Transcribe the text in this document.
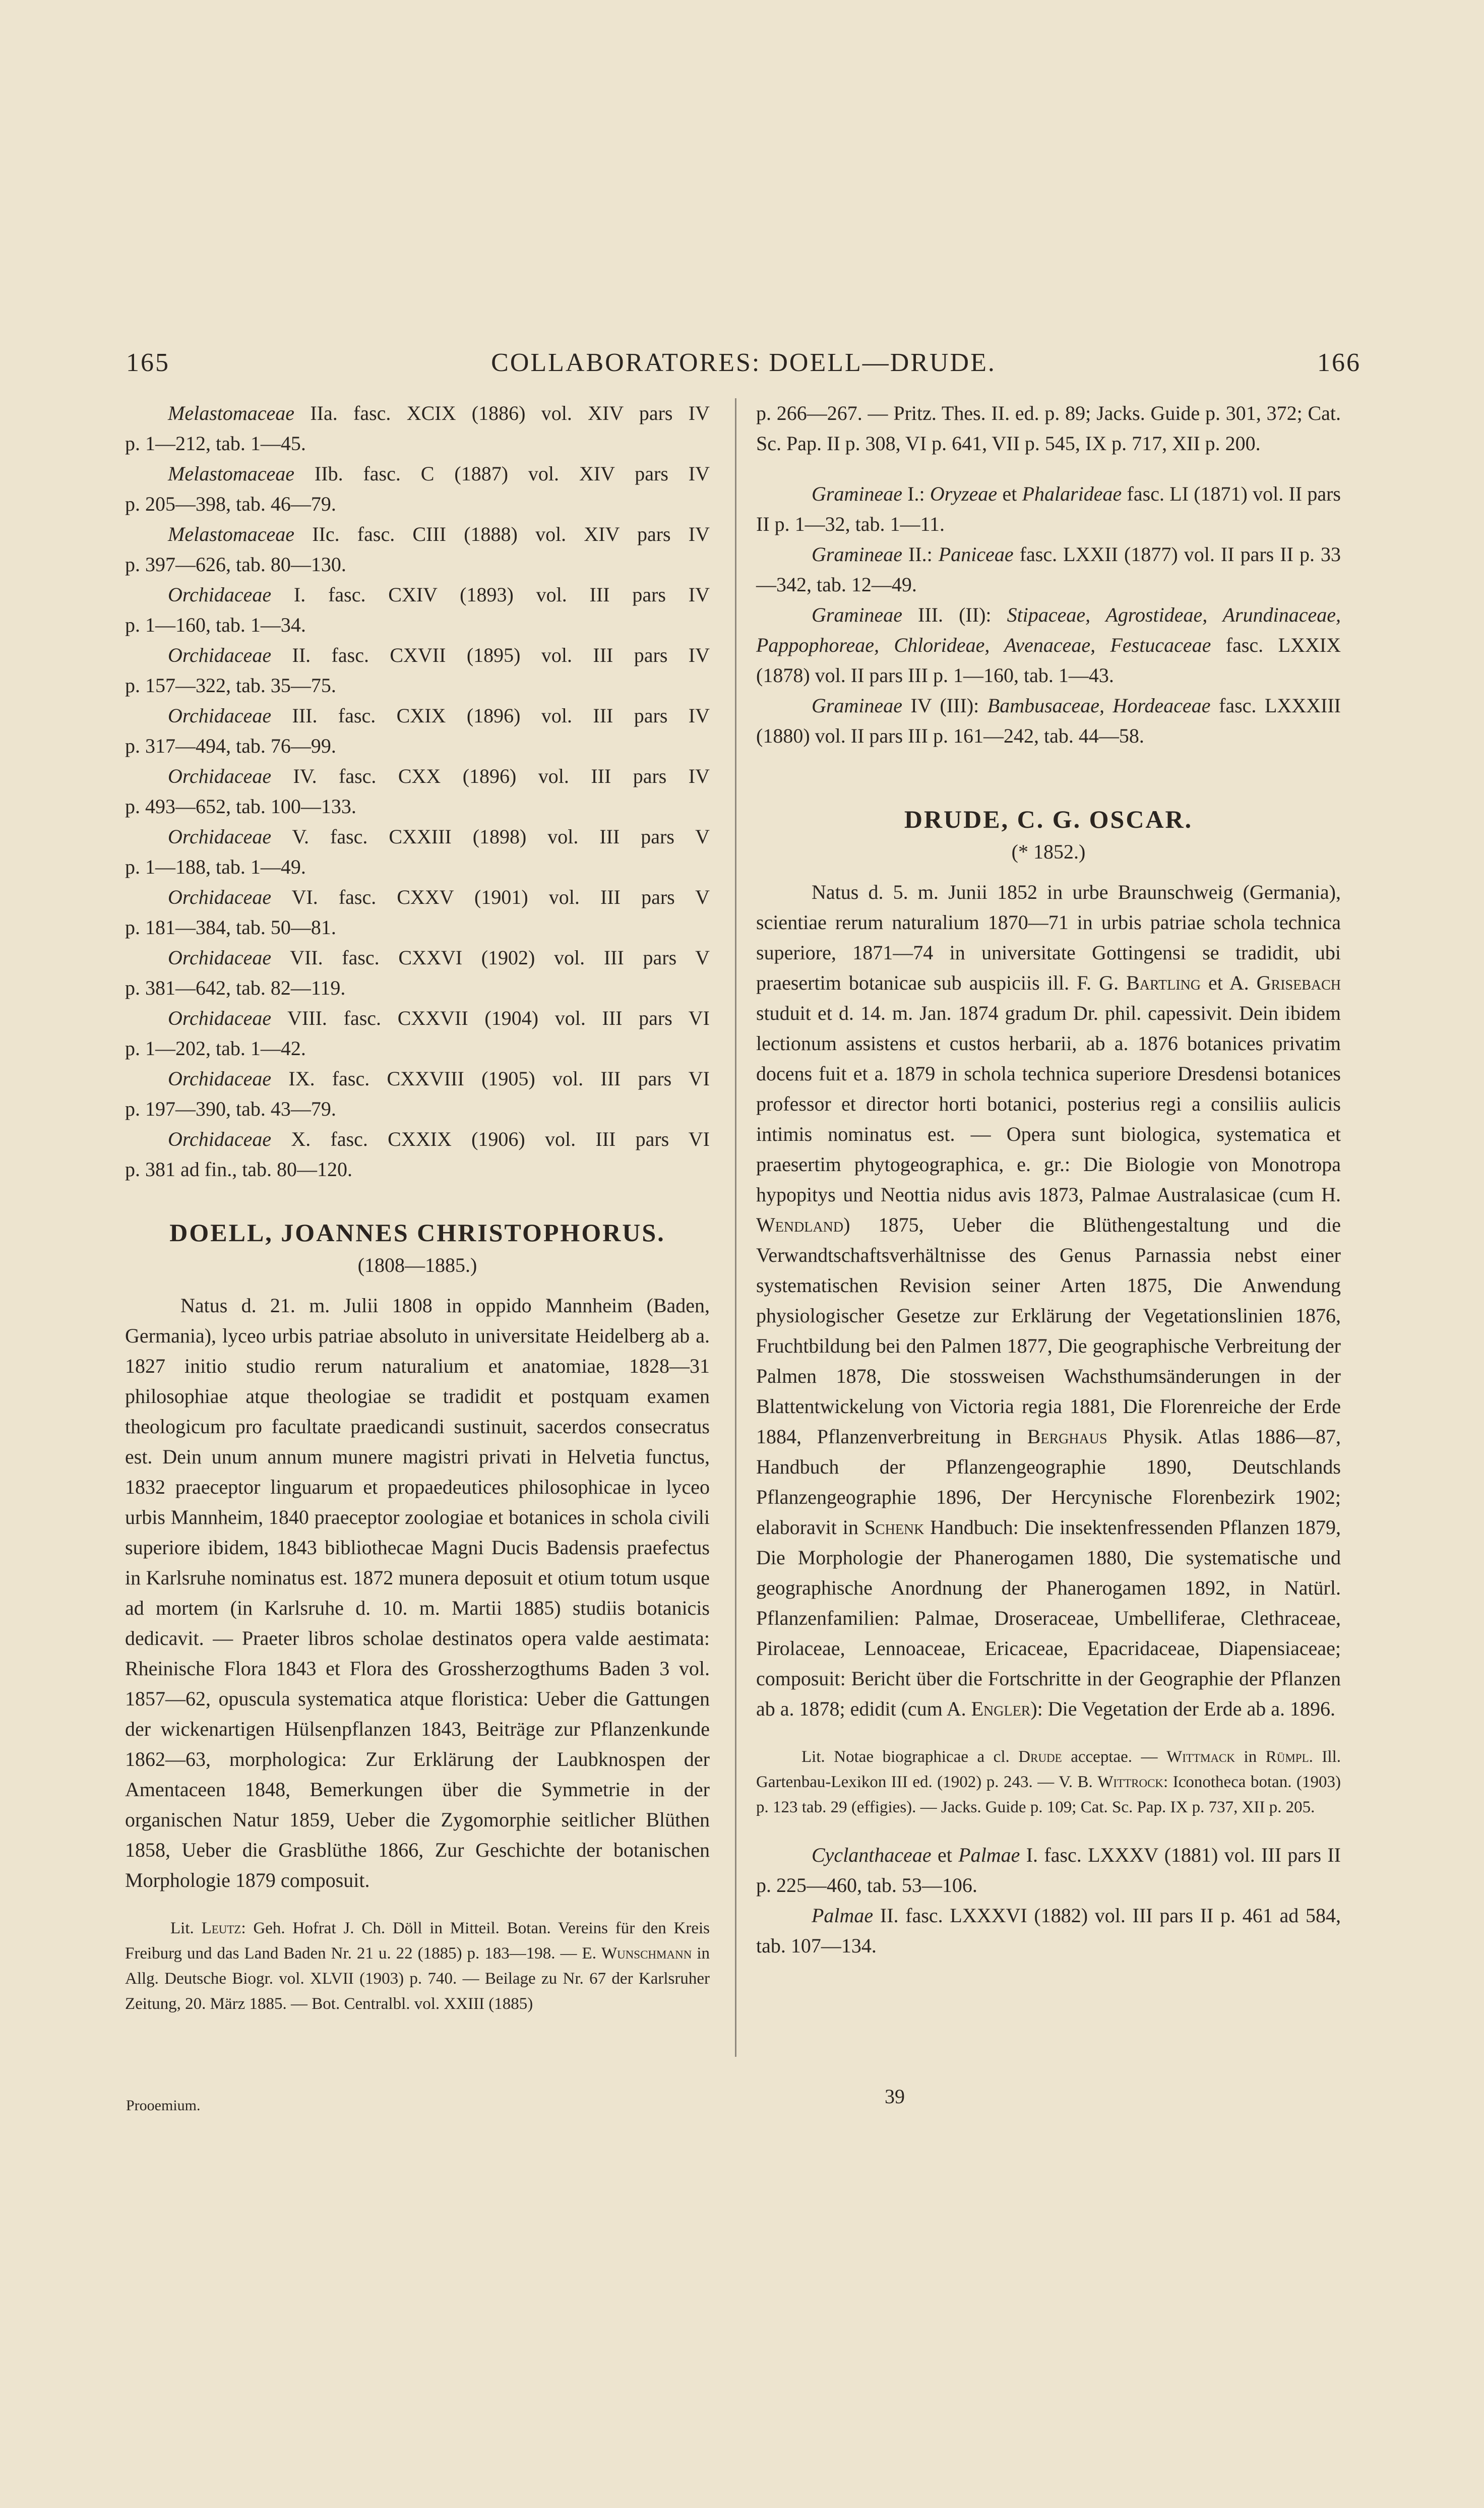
165	COLLABORATORES: DOELL—DRUDE.	166
Melastomaceae IIa. fasc. XCIX (1886) vol. XIV pars IV
p. 1—212, tab. 1—45.
Melastomaceae IIb. fasc. C (1887) vol. XIV pars IV
p. 205—398, tab. 46—79.
Melastomaceae IIc. fasc. CIII (1888) vol. XIV pars IV
p. 397—626, tab. 80—130.
Orchidaceae I. fasc. CXIV (1893) vol. III pars IV
p. 1—160, tab. 1—34.
Orchidaceae II. fasc. CXVII (1895) vol. III pars IV
p. 157—322, tab. 35—75.
Orchidaceae III. fasc. CXIX (1896) vol. III pars IV
p. 317—494, tab. 76—99.
Orchidaceae IV. fasc. CXX (1896) vol. III pars IV
p. 493—652, tab. 100—133.
Orchidaceae V. fasc. CXXIII (1898) vol. III pars V
p. 1—188, tab. 1—49.
Orchidaceae VI. fasc. CXXV (1901) vol. III pars V
p. 181—384, tab. 50—81.
Orchidaceae VII. fasc. CXXVI (1902) vol. III pars V
p. 381—642, tab. 82—119.
Orchidaceae VIII. fasc. CXXVII (1904) vol. III pars VI
p. 1—202, tab. 1—42.
Orchidaceae IX. fasc. CXXVIII (1905) vol. III pars VI
p. 197—390, tab. 43—79.
Orchidaceae X. fasc. CXXIX (1906) vol. III pars VI
p. 381 ad fin., tab. 80—120.
DOELL, JOANNES CHRISTOPHORUS.
(1808—1885.)

Natus d. 21. m. Julii 1808 in oppido Mannheim (Baden, Germania), lyceo urbis patriae absoluto in universitate Heidelberg ab a. 1827 initio studio rerum naturalium et anatomiae, 1828—31 philosophiae atque theologiae se tradidit et postquam examen theologicum pro facultate praedicandi sustinuit, sacerdos consecratus est. Dein unum annum munere magistri privati in Helvetia functus, 1832 praeceptor linguarum et propaedeutices philosophicae in lyceo urbis Mannheim, 1840 praeceptor zoologiae et botanices in schola civili superiore ibidem, 1843 bibliothecae Magni Ducis Badensis praefectus in Karlsruhe nominatus est. 1872 munera deposuit et otium totum usque ad mortem (in Karlsruhe d. 10. m. Martii 1885) studiis botanicis dedicavit. — Praeter libros scholae destinatos opera valde aestimata: Rheinische Flora 1843 et Flora des Grossherzogthums Baden 3 vol. 1857—62, opuscula systematica atque floristica: Ueber die Gattungen der wickenartigen Hülsenpflanzen 1843, Beiträge zur Pflanzenkunde 1862—63, morphologica: Zur Erklärung der Laubknospen der Amentaceen 1848, Bemerkungen über die Symmetrie in der organischen Natur 1859, Ueber die Zygomorphie seitlicher Blüthen 1858, Ueber die Grasblüthe 1866, Zur Geschichte der botanischen Morphologie 1879 composuit.

Lit. Leutz: Geh. Hofrat J. Ch. Döll in Mitteil. Botan. Vereins für den Kreis Freiburg und das Land Baden Nr. 21 u. 22 (1885) p. 183—198. — E. Wunschmann in Allg. Deutsche Biogr. vol. XLVII (1903) p. 740. — Beilage zu Nr. 67 der Karlsruher Zeitung, 20. März 1885. — Bot. Centralbl. vol. XXIII (1885)

Prooemium.

p. 266—267. — Pritz. Thes. II. ed. p. 89; Jacks. Guide p. 301, 372; Cat. Sc. Pap. II p. 308, VI p. 641, VII p. 545, IX p. 717, XII p. 200.

Gramineae I.: Oryzeae et Phalarideae fasc. LI (1871) vol. II pars II p. 1—32, tab. 1—11.

Gramineae II.: Paniceae fasc. LXXII (1877) vol. II pars II p. 33—342, tab. 12—49.

Gramineae III. (II): Stipaceae, Agrostideae, Arundinaceae, Pappophoreae, Chlorideae, Avenaceae, Festucaceae fasc. LXXIX (1878) vol. II pars III p. 1—160, tab. 1—43.

Gramineae IV (III): Bambusaceae, Hordeaceae fasc. LXXXIII (1880) vol. II pars III p. 161—242, tab. 44—58.

DRUDE, C. G. OSCAR.
(* 1852.)

Natus d. 5. m. Junii 1852 in urbe Braunschweig (Germania), scientiae rerum naturalium 1870—71 in urbis patriae schola technica superiore, 1871—74 in universitate Gottingensi se tradidit, ubi praesertim botanicae sub auspiciis ill. F. G. Bartling et A. Grisebach studuit et d. 14. m. Jan. 1874 gradum Dr. phil. capessivit. Dein ibidem lectionum assistens et custos herbarii, ab a. 1876 botanices privatim docens fuit et a. 1879 in schola technica superiore Dresdensi botanices professor et director horti botanici, posterius regi a consiliis aulicis intimis nominatus est. — Opera sunt biologica, systematica et praesertim phytogeographica, e. gr.: Die Biologie von Monotropa hypopitys und Neottia nidus avis 1873, Palmae Australasicae (cum H. Wendland) 1875, Ueber die Blüthengestaltung und die Verwandtschaftsverhältnisse des Genus Parnassia nebst einer systematischen Revision seiner Arten 1875, Die Anwendung physiologischer Gesetze zur Erklärung der Vegetationslinien 1876, Fruchtbildung bei den Palmen 1877, Die geographische Verbreitung der Palmen 1878, Die stossweisen Wachsthumsänderungen in der Blattentwickelung von Victoria regia 1881, Die Florenreiche der Erde 1884, Pflanzenverbreitung in Berghaus Physik. Atlas 1886—87, Handbuch der Pflanzengeographie 1890, Deutschlands Pflanzengeographie 1896, Der Hercynische Florenbezirk 1902; elaboravit in Schenk Handbuch: Die insektenfressenden Pflanzen 1879, Die Morphologie der Phanerogamen 1880, Die systematische und geographische Anordnung der Phanerogamen 1892, in Natürl. Pflanzenfamilien: Palmae, Droseraceae, Umbelliferae, Clethraceae, Pirolaceae, Lennoaceae, Ericaceae, Epacridaceae, Diapensiaceae; composuit: Bericht über die Fortschritte in der Geographie der Pflanzen ab a. 1878; edidit (cum A. Engler): Die Vegetation der Erde ab a. 1896.

Lit. Notae biographicae a cl. Drude acceptae. — Wittmack in Rümpl. Ill. Gartenbau-Lexikon III ed. (1902) p. 243. — V. B. Wittrock: Iconotheca botan. (1903) p. 123 tab. 29 (effigies). — Jacks. Guide p. 109; Cat. Sc. Pap. IX p. 737, XII p. 205.

Cyclanthaceae et Palmae I. fasc. LXXXV (1881) vol. III pars II p. 225—460, tab. 53—106.

Palmae II. fasc. LXXXVI (1882) vol. III pars II p. 461 ad 584, tab. 107—134.

39
